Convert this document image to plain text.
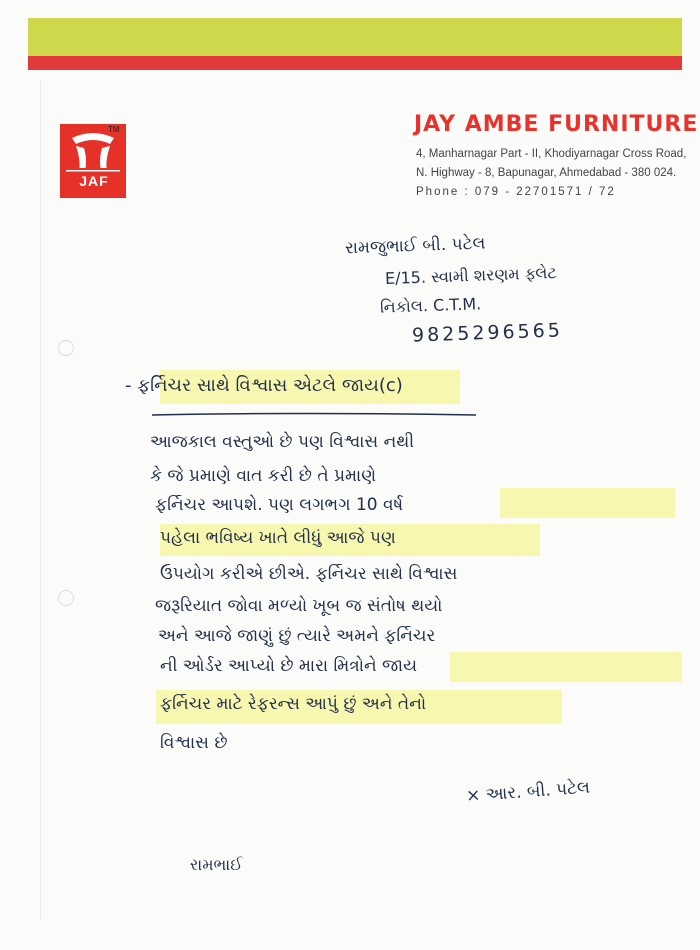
TM
JAF
JAY AMBE FURNITURE
4, Manharnagar Part - II, Khodiyarnagar Cross Road,
N. Highway - 8, Bapunagar, Ahmedabad - 380 024.
Phone : 079 - 22701571 / 72
રામજુભાઈ બી. પટેલ
E/15. સ્વામી શરણમ ફ્લેટ
નિકોલ. C.T.M.
9825296565
- ફર્નિચર સાથે વિશ્વાસ એટલે જાય(c)
આજકાલ વસ્તુઓ છે પણ વિશ્વાસ નથી
કે જે પ્રમાણે વાત કરી છે તે પ્રમાણે
ફર્નિચર આપશે. પણ લગભગ 10 વર્ષ
પહેલા ભવિષ્ય ખાતે લીધું આજે પણ
ઉપયોગ કરીએ છીએ. ફર્નિચર સાથે વિશ્વાસ
જરૂરિયાત જોવા મળ્યો ખૂબ જ સંતોષ થયો
અને આજે જાણું છું ત્યારે અમને ફર્નિચર
ની ઓર્ડર આપ્યો છે મારા મિત્રોને જાય
ફર્નિચર માટે રેફરન્સ આપું છું અને તેનો
વિશ્વાસ છે
× આર. બી. પટેલ
રામભાઈ
